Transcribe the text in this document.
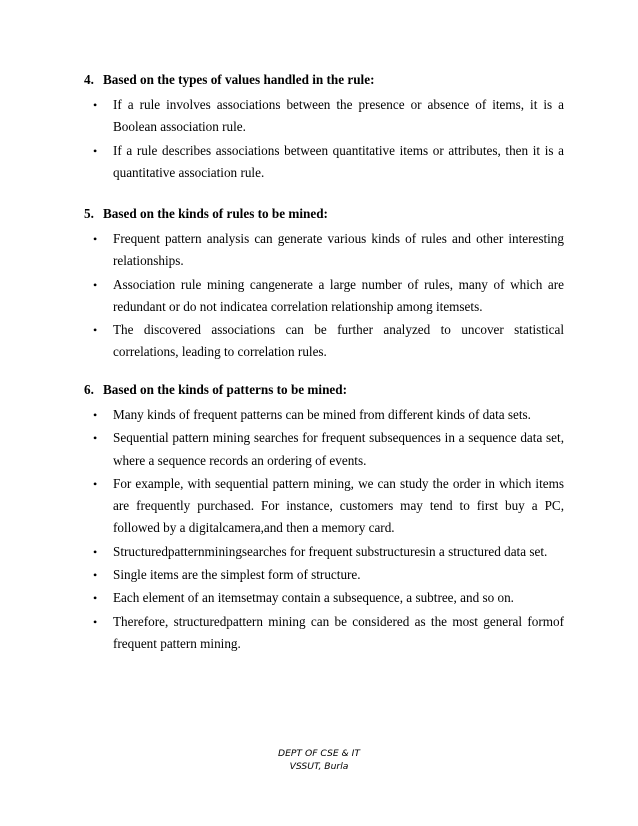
4. Based on the types of values handled in the rule:

• If a rule involves associations between the presence or absence of items, it is a Boolean association rule.
• If a rule describes associations between quantitative items or attributes, then it is a quantitative association rule.

5. Based on the kinds of rules to be mined:

• Frequent pattern analysis can generate various kinds of rules and other interesting relationships.
• Association rule mining cangenerate a large number of rules, many of which are redundant or do not indicatea correlation relationship among itemsets.
• The discovered associations can be further analyzed to uncover statistical correlations, leading to correlation rules.

6. Based on the kinds of patterns to be mined:

• Many kinds of frequent patterns can be mined from different kinds of data sets.
• Sequential pattern mining searches for frequent subsequences in a sequence data set, where a sequence records an ordering of events.
• For example, with sequential pattern mining, we can study the order in which items are frequently purchased. For instance, customers may tend to first buy a PC, followed by a digitalcamera,and then a memory card.
• Structuredpatternminingsearches for frequent substructuresin a structured data set.
• Single items are the simplest form of structure.
• Each element of an itemsetmay contain a subsequence, a subtree, and so on.
• Therefore, structuredpattern mining can be considered as the most general formof frequent pattern mining.
DEPT OF CSE & IT
VSSUT, Burla
